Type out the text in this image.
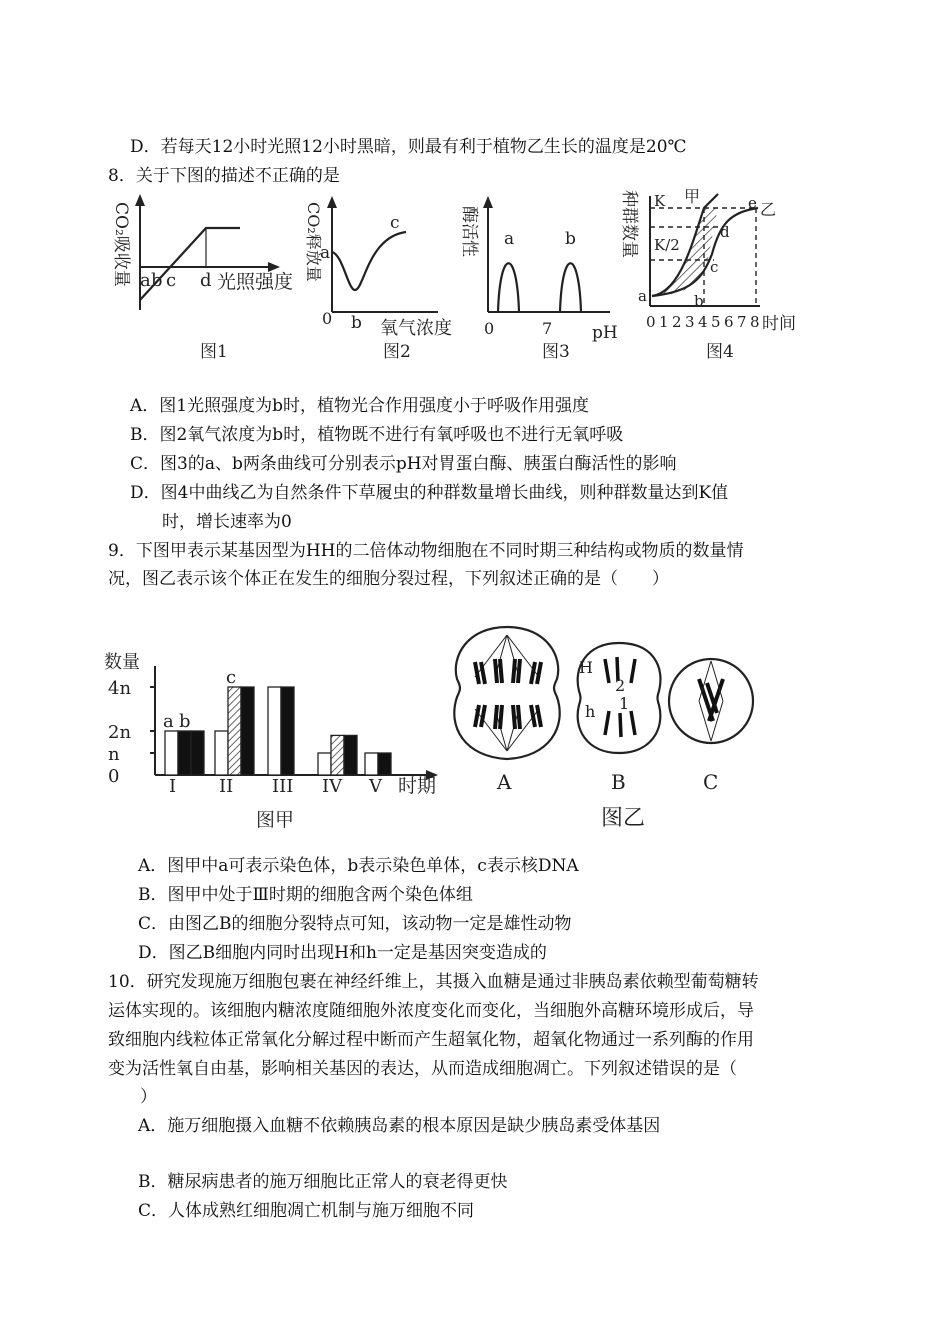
D．若每天12小时光照12小时黑暗，则最有利于植物乙生长的温度是20℃
8．关于下图的描述不正确的是
a b c d 光照强度
CO₂吸收量
图1
a
b
c
0	氧气浓度
CO₂释放量
图2
a	b
0	7 pH
酶活性
图3
K
K/2
甲
乙
a	b
c
d
e
0 1 2 3 4 5 6 7 8 时间
种群数量
图4
A．图1光照强度为b时，植物光合作用强度小于呼吸作用强度
B．图2氧气浓度为b时，植物既不进行有氧呼吸也不进行无氧呼吸
C．图3的a、b两条曲线可分别表示pH对胃蛋白酶、胰蛋白酶活性的影响
D．图4中曲线乙为自然条件下草履虫的种群数量增长曲线，则种群数量达到K值
时，增长速率为0
9．下图甲表示某基因型为HH的二倍体动物细胞在不同时期三种结构或物质的数量情
况，图乙表示该个体正在发生的细胞分裂过程，下列叙述正确的是（　　）
数量
时期
图甲
0
n
2n
4n
I II III IV V
a b
c
A
H
h
2
1
B	C
图乙
A．图甲中a可表示染色体，b表示染色单体，c表示核DNA
B．图甲中处于Ⅲ时期的细胞含两个染色体组
C．由图乙B的细胞分裂特点可知，该动物一定是雄性动物
D．图乙B细胞内同时出现H和h一定是基因突变造成的
10．研究发现施万细胞包裹在神经纤维上，其摄入血糖是通过非胰岛素依赖型葡萄糖转
运体实现的。该细胞内糖浓度随细胞外浓度变化而变化，当细胞外高糖环境形成后，导
致细胞内线粒体正常氧化分解过程中断而产生超氧化物，超氧化物通过一系列酶的作用
变为活性氧自由基，影响相关基因的表达，从而造成细胞凋亡。下列叙述错误的是（
）
A．施万细胞摄入血糖不依赖胰岛素的根本原因是缺少胰岛素受体基因
B．糖尿病患者的施万细胞比正常人的衰老得更快
C．人体成熟红细胞凋亡机制与施万细胞不同
